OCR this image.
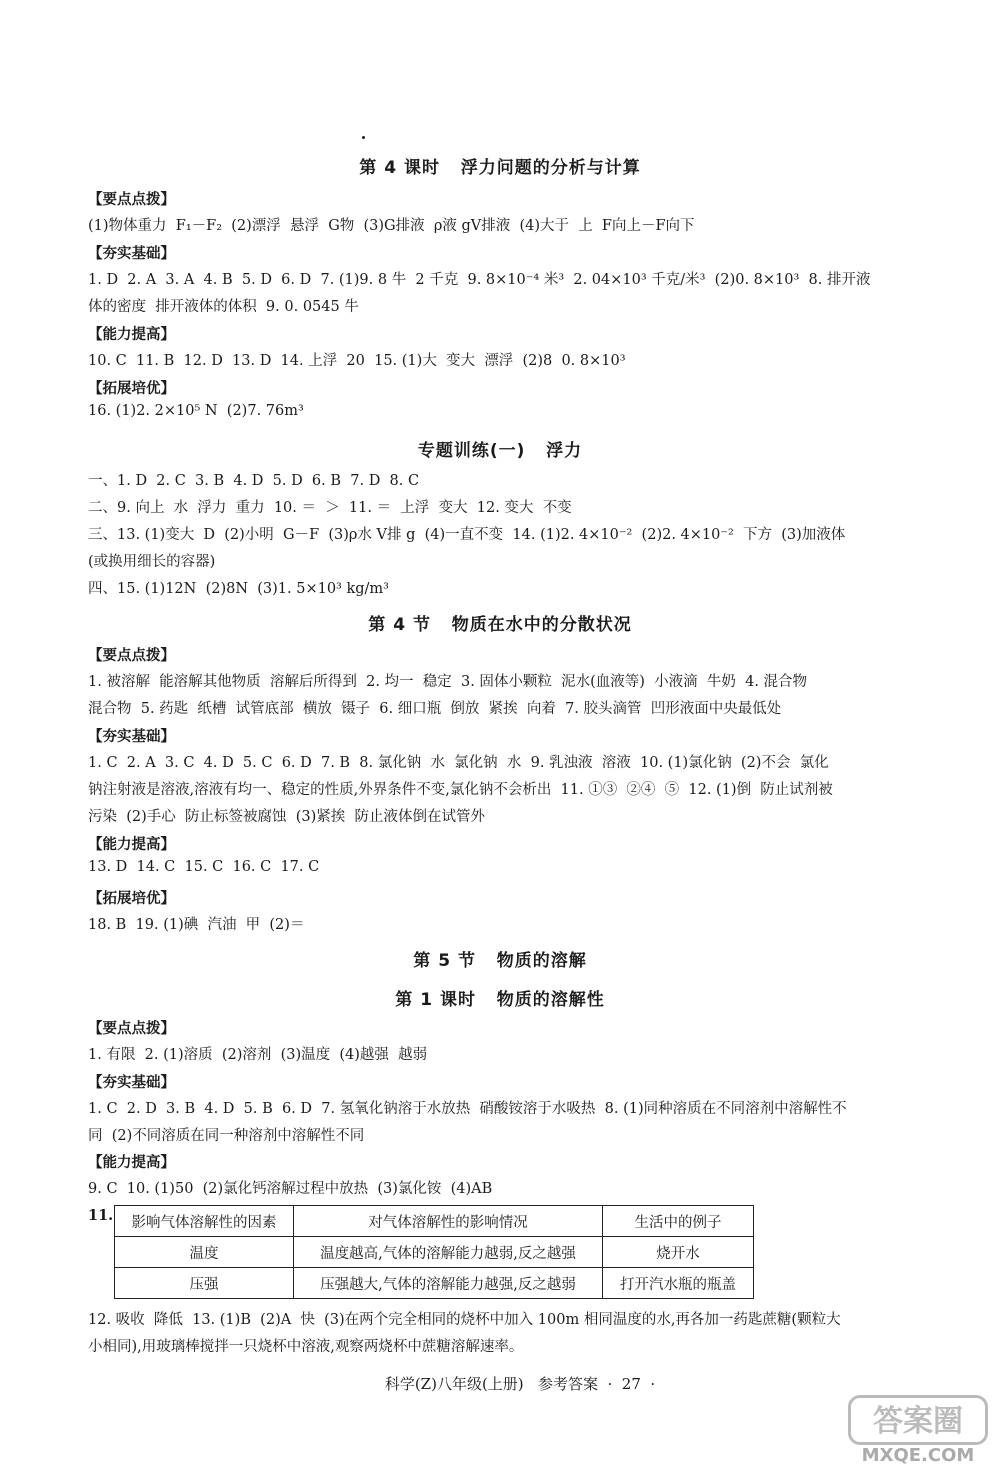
第 4 课时   浮力问题的分析与计算
【要点点拨】
(1)物体重力  F₁－F₂  (2)漂浮  悬浮  G物  (3)G排液  ρ液 gV排液  (4)大于  上  F向上－F向下
【夯实基础】
1. D  2. A  3. A  4. B  5. D  6. D  7. (1)9. 8 牛  2 千克  9. 8×10⁻⁴ 米³  2. 04×10³ 千克/米³  (2)0. 8×10³  8. 排开液
体的密度  排开液体的体积  9. 0. 0545 牛
【能力提高】
10. C  11. B  12. D  13. D  14. 上浮  20  15. (1)大  变大  漂浮  (2)8  0. 8×10³
【拓展培优】
16. (1)2. 2×10⁵ N  (2)7. 76m³
专题训练(一)   浮力
一、1. D  2. C  3. B  4. D  5. D  6. B  7. D  8. C
二、9. 向上  水  浮力  重力  10. ＝  ＞  11. ＝  上浮  变大  12. 变大  不变
三、13. (1)变大  D  (2)小明  G－F  (3)ρ水 V排 g  (4)一直不变  14. (1)2. 4×10⁻²  (2)2. 4×10⁻²  下方  (3)加液体
(或换用细长的容器)
四、15. (1)12N  (2)8N  (3)1. 5×10³ kg/m³
第 4 节   物质在水中的分散状况
【要点点拨】
1. 被溶解  能溶解其他物质  溶解后所得到  2. 均一  稳定  3. 固体小颗粒  泥水(血液等)  小液滴  牛奶  4. 混合物
混合物  5. 药匙  纸槽  试管底部  横放  镊子  6. 细口瓶  倒放  紧挨  向着  7. 胶头滴管  凹形液面中央最低处
【夯实基础】
1. C  2. A  3. C  4. D  5. C  6. D  7. B  8. 氯化钠  水  氯化钠  水  9. 乳浊液  溶液  10. (1)氯化钠  (2)不会  氯化
钠注射液是溶液,溶液有均一、稳定的性质,外界条件不变,氯化钠不会析出  11. ①③  ②④  ⑤  12. (1)倒  防止试剂被
污染  (2)手心  防止标签被腐蚀  (3)紧挨  防止液体倒在试管外
【能力提高】
13. D  14. C  15. C  16. C  17. C
【拓展培优】
18. B  19. (1)碘  汽油  甲  (2)＝
第 5 节   物质的溶解
第 1 课时   物质的溶解性
【要点点拨】
1. 有限  2. (1)溶质  (2)溶剂  (3)温度  (4)越强  越弱
【夯实基础】
1. C  2. D  3. B  4. D  5. B  6. D  7. 氢氧化钠溶于水放热  硝酸铵溶于水吸热  8. (1)同种溶质在不同溶剂中溶解性不
同  (2)不同溶质在同一种溶剂中溶解性不同
【能力提高】
9. C  10. (1)50  (2)氯化钙溶解过程中放热  (3)氯化铵  (4)AB
11. 影响气体溶解性的因素	对气体溶解性的影响情况	生活中的例子
温度	温度越高,气体的溶解能力越弱,反之越强	烧开水
压强	压强越大,气体的溶解能力越强,反之越弱	打开汽水瓶的瓶盖
12. 吸收  降低  13. (1)B  (2)A  快  (3)在两个完全相同的烧杯中加入 100m 相同温度的水,再各加一药匙蔗糖(颗粒大
小相同),用玻璃棒搅拌一只烧杯中溶液,观察两烧杯中蔗糖溶解速率。
科学(Z)八年级(上册)   参考答案  ·  27  ·
答案圈
MXQE.COM
